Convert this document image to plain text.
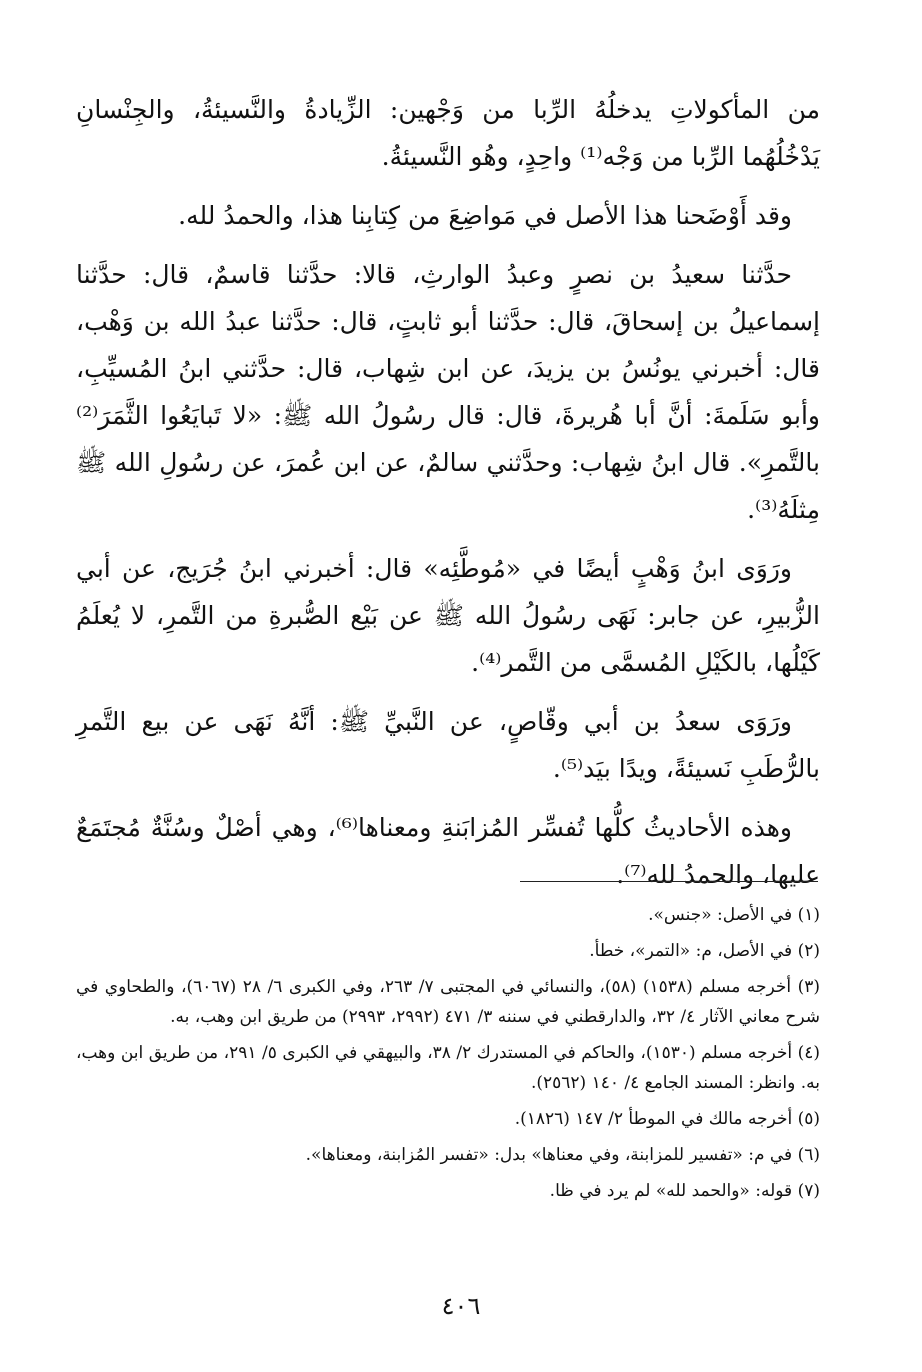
من المأكولاتِ يدخلُهُ الرِّبا من وَجْهين: الزِّيادةُ والنَّسيئةُ، والجِنْسانِ يَدْخُلُهُما الرِّبا من وَجْه⁽¹⁾ واحِدٍ، وهُو النَّسيئةُ.

وقد أَوْضَحنا هذا الأصل في مَواضِعَ من كِتابِنا هذا، والحمدُ لله.

حدَّثنا سعيدُ بن نصرٍ وعبدُ الوارثِ، قالا: حدَّثنا قاسمٌ، قال: حدَّثنا إسماعيلُ بن إسحاقَ، قال: حدَّثنا أبو ثابتٍ، قال: حدَّثنا عبدُ الله بن وَهْب، قال: أخبرني يونُسُ بن يزيدَ، عن ابن شِهاب، قال: حدَّثني ابنُ المُسيِّبِ، وأبو سَلَمةَ: أنَّ أبا هُريرةَ، قال: قال رسُولُ الله ﷺ: «لا تَبايَعُوا الثَّمَرَ⁽²⁾ بالتَّمرِ». قال ابنُ شِهاب: وحدَّثني سالمٌ، عن ابن عُمرَ، عن رسُولِ الله ﷺ مِثلَهُ⁽³⁾.

ورَوَى ابنُ وَهْبٍ أيضًا في «مُوطَّئِه» قال: أخبرني ابنُ جُرَيج، عن أبي الزُّبيرِ، عن جابر: نَهَى رسُولُ الله ﷺ عن بَيْع الصُّبرةِ من التَّمرِ، لا يُعلَمُ كَيْلُها، بالكَيْلِ المُسمَّى من التَّمر⁽⁴⁾.

ورَوَى سعدُ بن أبي وقّاصٍ، عن النَّبيِّ ﷺ: أنَّهُ نَهَى عن بيع التَّمرِ بالرُّطَبِ نَسيئةً، ويدًا بيَد⁽⁵⁾.

وهذه الأحاديثُ كلُّها تُفسِّر المُزابَنةِ ومعناها⁽⁶⁾، وهي أصْلٌ وسُنَّةٌ مُجتَمَعٌ عليها، والحمدُ لله⁽⁷⁾.

(١) في الأصل: «جنس».

(٢) في الأصل، م: «التمر»، خطأ.

(٣) أخرجه مسلم (١٥٣٨) (٥٨)، والنسائي في المجتبى ٧/ ٢٦٣، وفي الكبرى ٦/ ٢٨ (٦٠٦٧)، والطحاوي في شرح معاني الآثار ٤/ ٣٢، والدارقطني في سننه ٣/ ٤٧١ (٢٩٩٢، ٢٩٩٣) من طريق ابن وهب، به.

(٤) أخرجه مسلم (١٥٣٠)، والحاكم في المستدرك ٢/ ٣٨، والبيهقي في الكبرى ٥/ ٢٩١، من طريق ابن وهب، به. وانظر: المسند الجامع ٤/ ١٤٠ (٢٥٦٢).

(٥) أخرجه مالك في الموطأ ٢/ ١٤٧ (١٨٢٦).

(٦) في م: «تفسير للمزابنة، وفي معناها» بدل: «تفسر المُزابنة، ومعناها».

(٧) قوله: «والحمد لله» لم يرد في ظا.

٤٠٦
